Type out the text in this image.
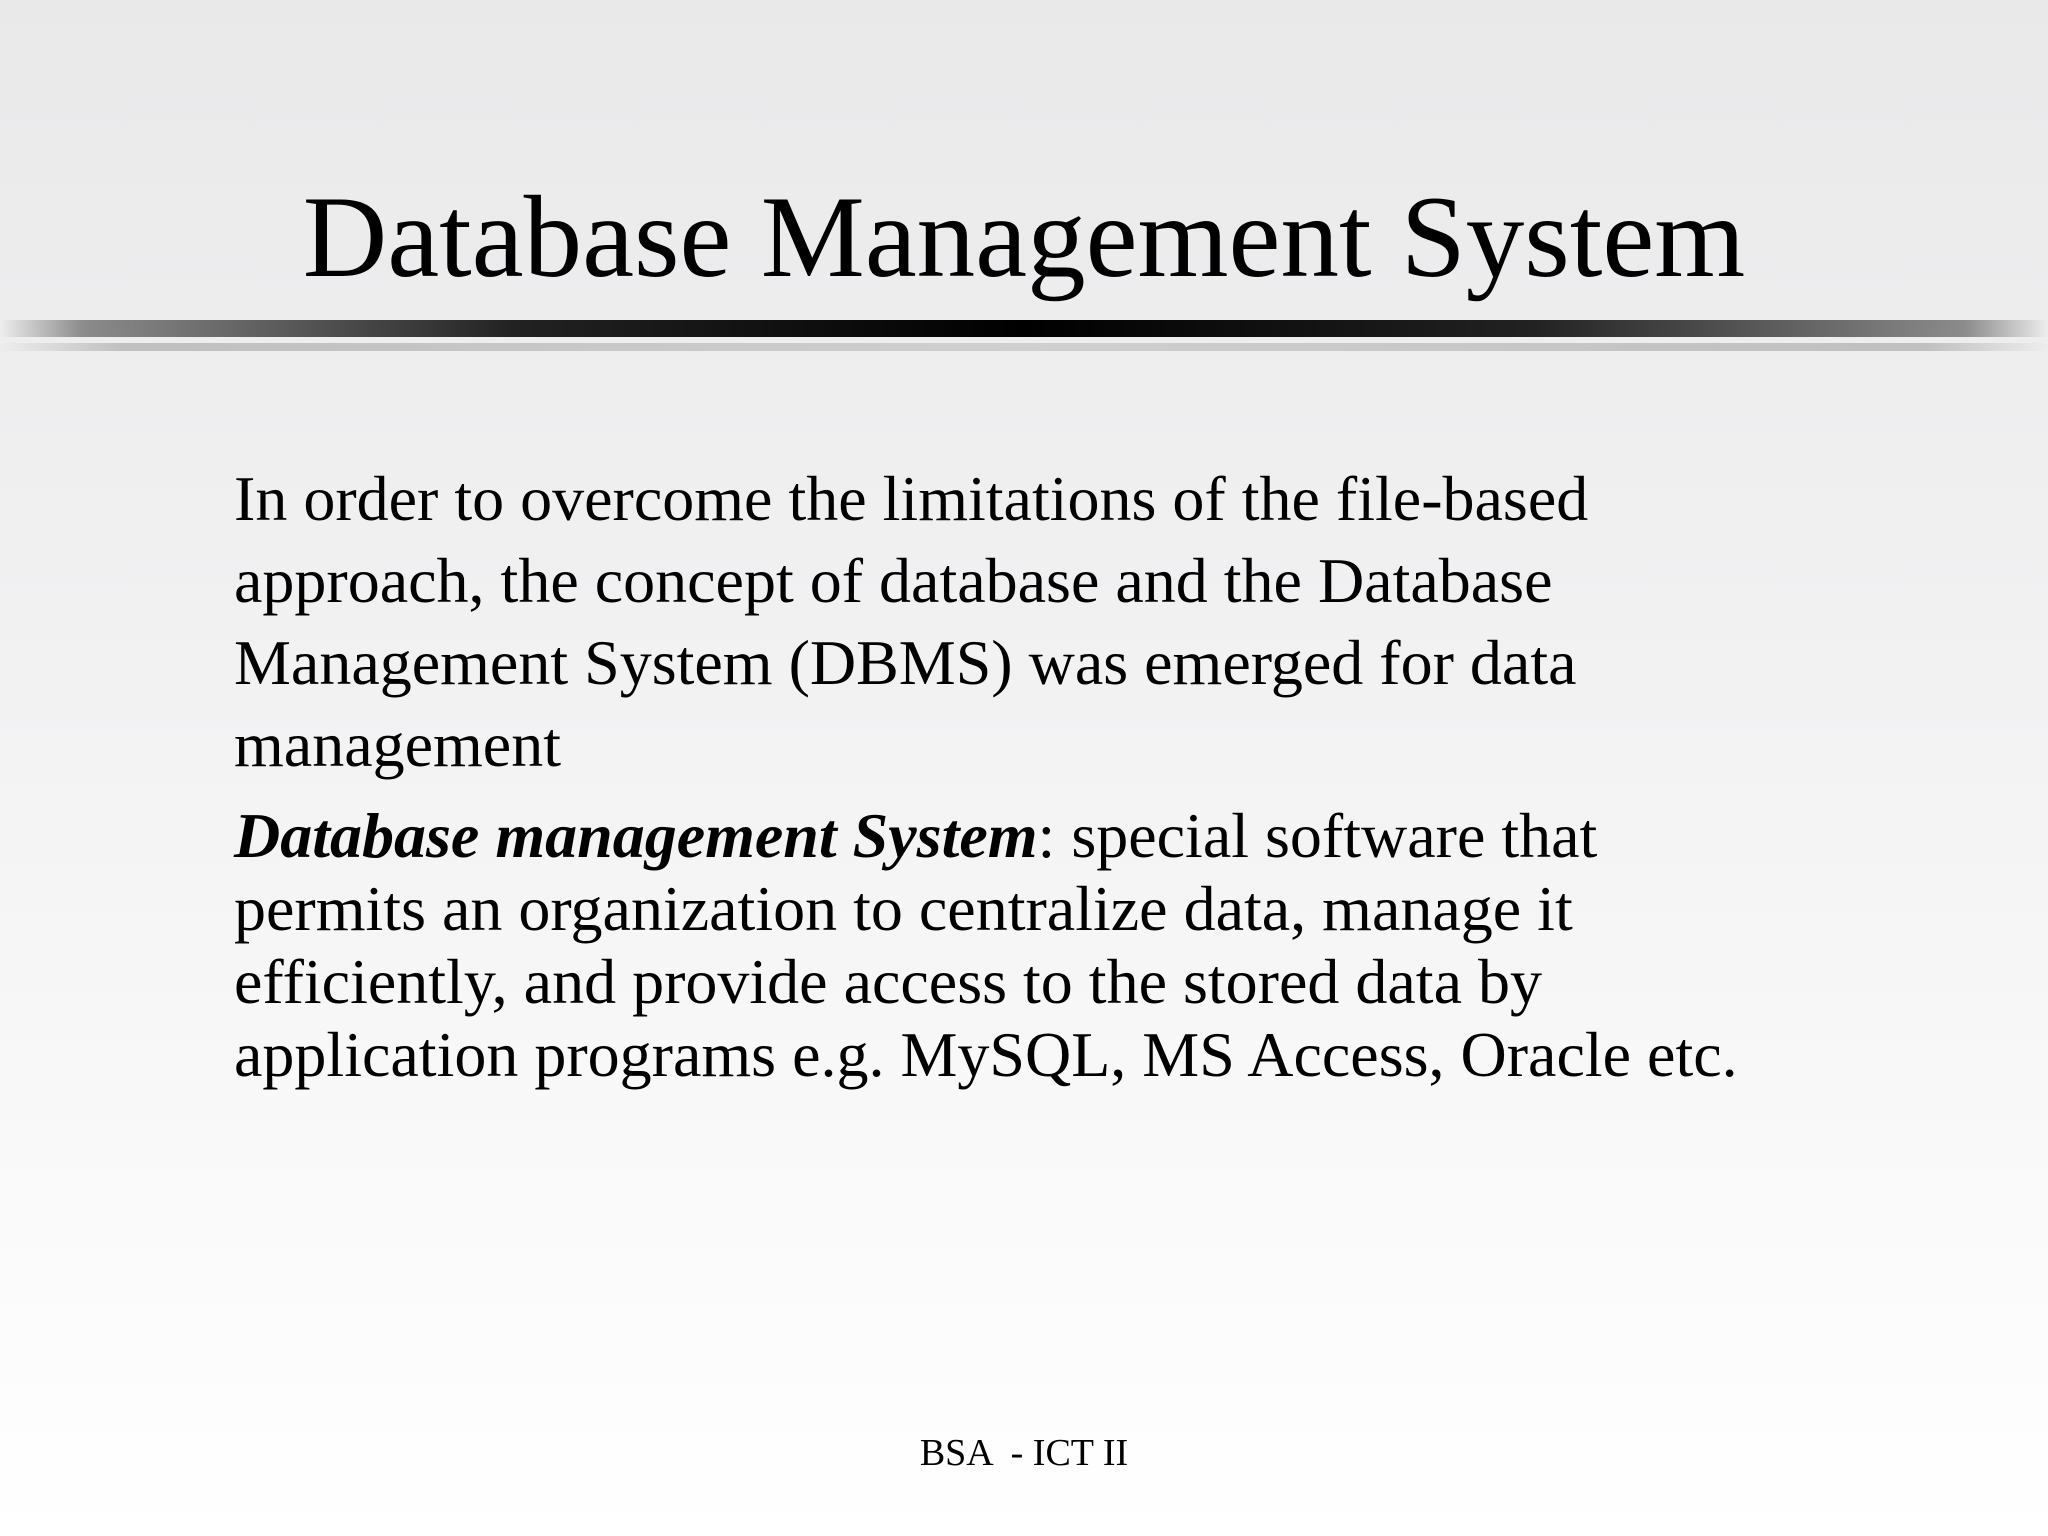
Database Management System
In order to overcome the limitations of the file-based
approach, the concept of database and the Database
Management System (DBMS) was emerged for data
management
Database management System: special software that
permits an organization to centralize data, manage it
efficiently, and provide access to the stored data by
application programs e.g. MySQL, MS Access, Oracle etc.
BSA  - ICT II
